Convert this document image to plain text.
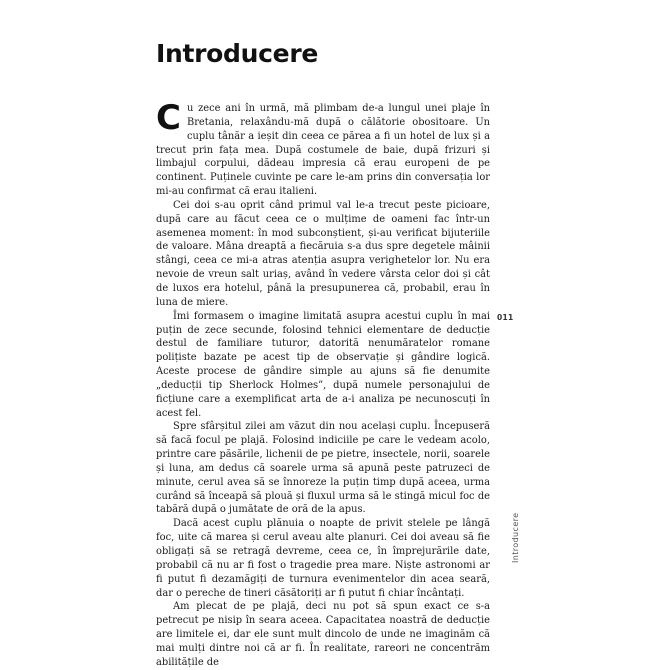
Introducere

Cu zece ani în urmă, mă plimbam de-a lungul unei plaje în Bretania, relaxându-mă după o călătorie obositoare. Un cuplu tânăr a ieșit din ceea ce părea a fi un hotel de lux și a trecut prin fața mea. După costumele de baie, după frizuri și limbajul corpului, dădeau impresia că erau europeni de pe continent. Puținele cuvinte pe care le-am prins din conversația lor mi-au confirmat că erau italieni.

Cei doi s-au oprit când primul val le-a trecut peste picioare, după care au făcut ceea ce o mulțime de oameni fac într-un asemenea moment: în mod subconștient, și-au verificat bijuteriile de valoare. Mâna dreaptă a fiecăruia s-a dus spre degetele mâinii stângi, ceea ce mi-a atras atenția asupra verighetelor lor. Nu era nevoie de vreun salt uriaș, având în vedere vârsta celor doi și cât de luxos era hotelul, până la presupunerea că, probabil, erau în luna de miere.

Îmi formasem o imagine limitată asupra acestui cuplu în mai puțin de zece secunde, folosind tehnici elementare de deducție destul de familiare tuturor, datorită nenumăratelor romane polițiste bazate pe acest tip de observație și gândire logică. Aceste procese de gândire simple au ajuns să fie denumite „deducții tip Sherlock Holmes”, după numele personajului de ficțiune care a exemplificat arta de a-i analiza pe necunoscuți în acest fel.

Spre sfârșitul zilei am văzut din nou același cuplu. Începuseră să facă focul pe plajă. Folosind indiciile pe care le vedeam acolo, printre care păsările, lichenii de pe pietre, insectele, norii, soarele și luna, am dedus că soarele urma să apună peste patruzeci de minute, cerul avea să se înnoreze la puțin timp după aceea, urma curând să înceapă să plouă și fluxul urma să le stingă micul foc de tabără după o jumătate de oră de la apus.

Dacă acest cuplu plănuia o noapte de privit stelele pe lângă foc, uite că marea și cerul aveau alte planuri. Cei doi aveau să fie obligați să se retragă devreme, ceea ce, în împrejurările date, probabil că nu ar fi fost o tragedie prea mare. Niște astronomi ar fi putut fi dezamăgiți de turnura evenimentelor din acea seară, dar o pereche de tineri căsătoriți ar fi putut fi chiar încântați.

Am plecat de pe plajă, deci nu pot să spun exact ce s-a petrecut pe nisip în seara aceea. Capacitatea noastră de deducție are limitele ei, dar ele sunt mult dincolo de unde ne imaginăm că mai mulți dintre noi că ar fi. În realitate, rareori ne concentrăm abilitățile de

011
Introducere
